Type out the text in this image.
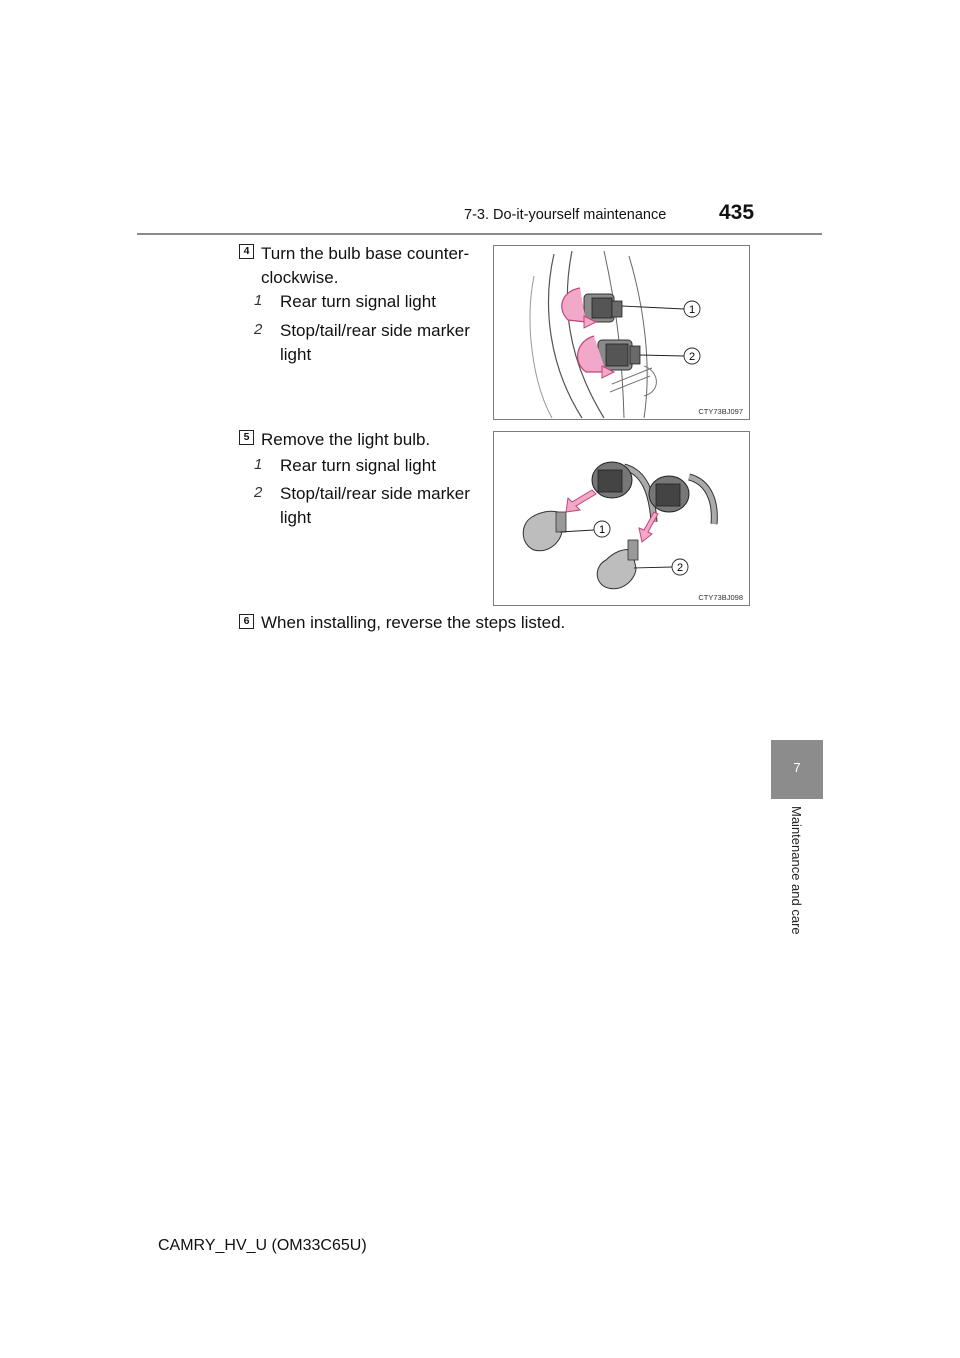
7-3. Do-it-yourself maintenance	435
7
Maintenance and care
4 Turn the bulb base counter-
clockwise.
1 Rear turn signal light
2 Stop/tail/rear side marker
light
1
2
CTY73BJ097
5 Remove the light bulb.
1 Rear turn signal light
2 Stop/tail/rear side marker
light
1
2
CTY73BJ098
6 When installing, reverse the steps listed.
CAMRY_HV_U (OM33C65U)
